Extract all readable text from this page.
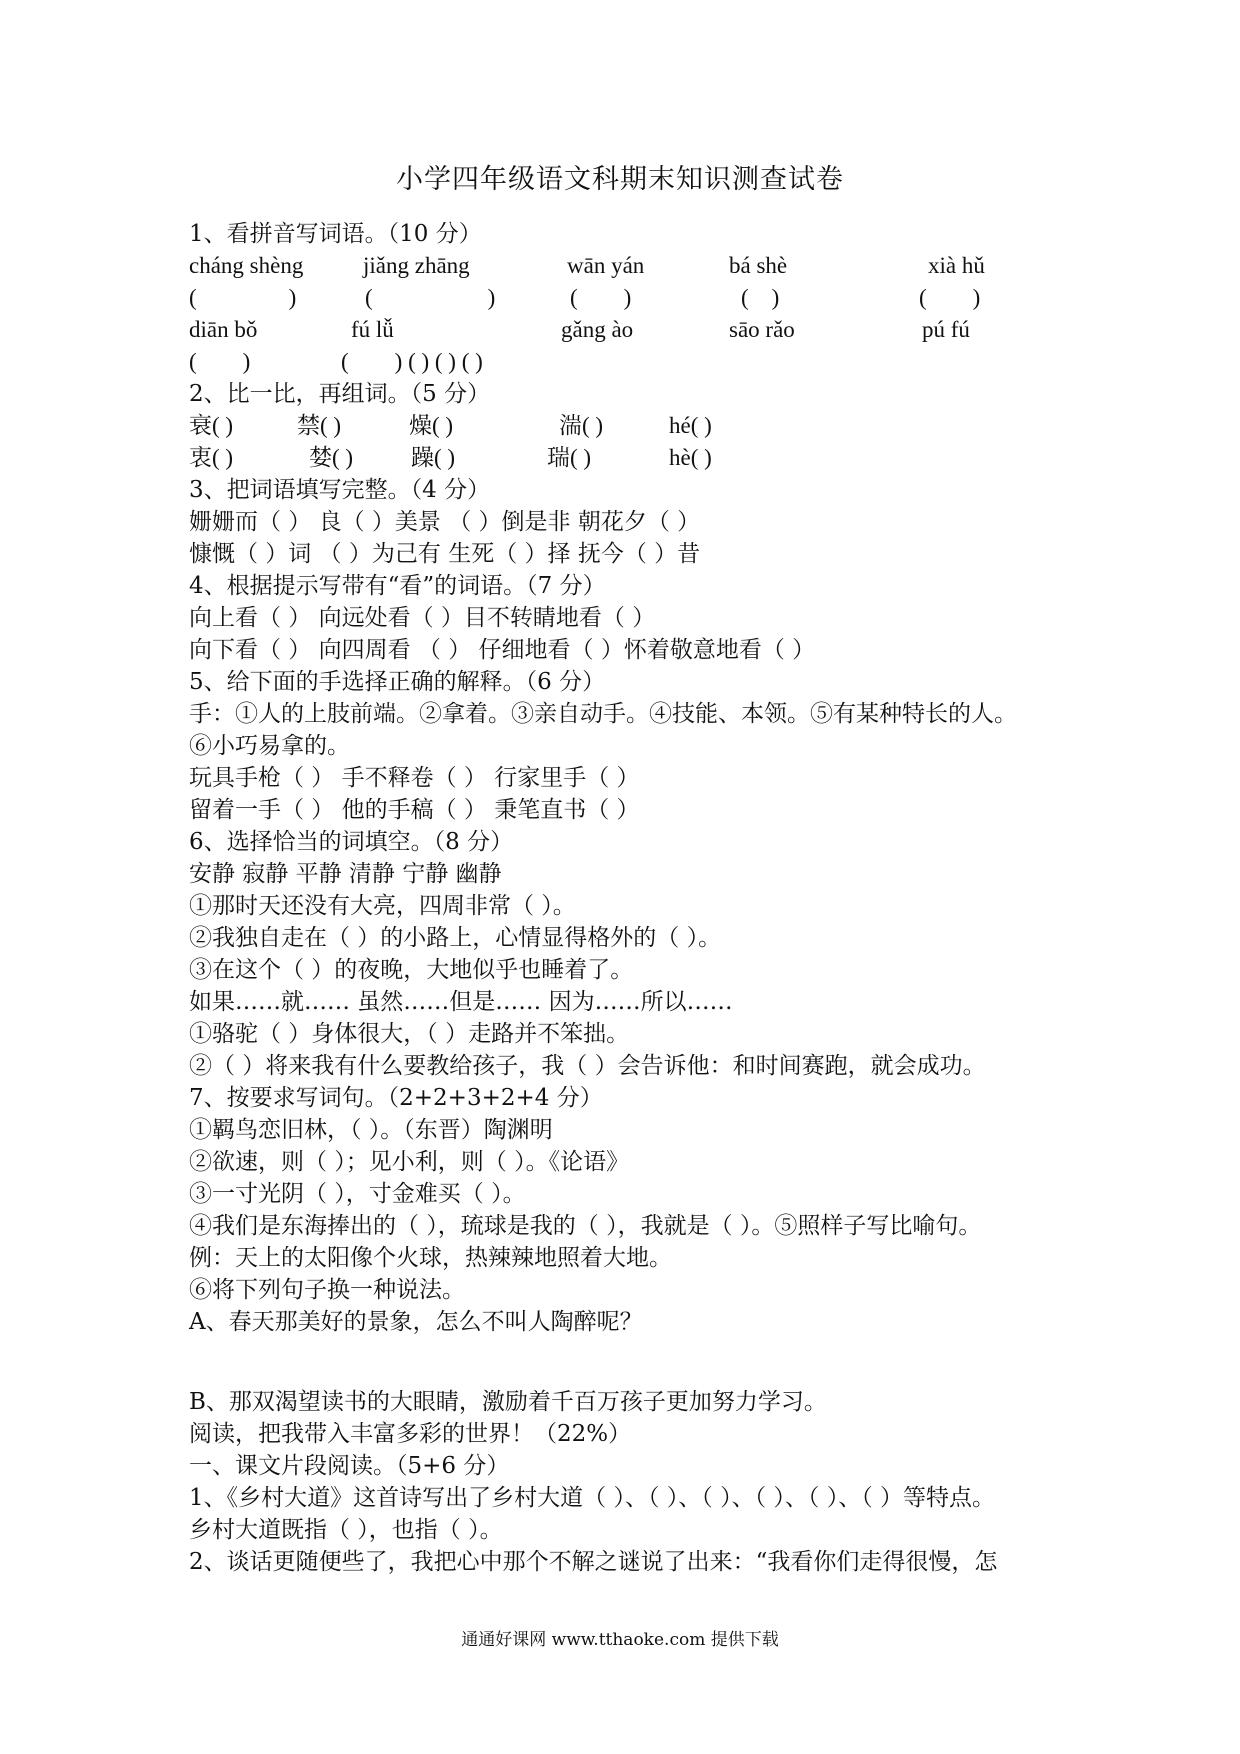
小学四年级语文科期末知识测查试卷
1、看拼音写词语。（10 分）
cháng shèng	jiǎng zhāng	wān yán	bá shè	xià hǔ
(　　　　)	(　　　　　)	(　　)	(　)	(　　)
diān bǒ	fú lǚ	gǎng ào	sāo rǎo	pú fú
(　　)	(　　) ( ) ( ) ( )
2、比一比，再组词。（5 分）
衰( )	禁( )	燥( )	湍( )	hé( )
衷( )	婪( )	躁( )	瑞( )	hè( )
3、把词语填写完整。（4 分）
姗姗而（ ） 良（ ）美景 （ ）倒是非 朝花夕（ ）
慷慨（ ）词 （ ）为己有 生死（ ）择 抚今（ ）昔
4、根据提示写带有“看”的词语。（7 分）
向上看（ ） 向远处看（ ）目不转睛地看（ ）
向下看（ ） 向四周看 （ ） 仔细地看（ ）怀着敬意地看（ ）
5、给下面的手选择正确的解释。（6 分）
手：①人的上肢前端。②拿着。③亲自动手。④技能、本领。⑤有某种特长的人。
⑥小巧易拿的。
玩具手枪（ ） 手不释卷（ ） 行家里手（ ）
留着一手（ ） 他的手稿（ ） 秉笔直书（ ）
6、选择恰当的词填空。（8 分）
安静 寂静 平静 清静 宁静 幽静
①那时天还没有大亮，四周非常（ ）。
②我独自走在（ ）的小路上，心情显得格外的（ ）。
③在这个（ ）的夜晚，大地似乎也睡着了。
如果……就…… 虽然……但是…… 因为……所以……
①骆驼（ ）身体很大，（ ）走路并不笨拙。
②（ ）将来我有什么要教给孩子，我（ ）会告诉他：和时间赛跑，就会成功。
7、按要求写词句。（2+2+3+2+4 分）
①羁鸟恋旧林，（ ）。（东晋）陶渊明
②欲速，则（ ）；见小利，则（ ）。《论语》
③一寸光阴（ ），寸金难买（ ）。
④我们是东海捧出的（ ），琉球是我的（ ），我就是（ ）。⑤照样子写比喻句。
例：天上的太阳像个火球，热辣辣地照着大地。
⑥将下列句子换一种说法。
A、春天那美好的景象，怎么不叫人陶醉呢？
B、那双渴望读书的大眼睛，激励着千百万孩子更加努力学习。
阅读，把我带入丰富多彩的世界！（22%）
一、课文片段阅读。（5+6 分）
1、《乡村大道》这首诗写出了乡村大道（ ）、（ ）、（ ）、（ ）、（ ）、（ ）等特点。
乡村大道既指（ ），也指（ ）。
2、谈话更随便些了，我把心中那个不解之谜说了出来：“我看你们走得很慢，怎
通通好课网 www.tthaoke.com 提供下载
